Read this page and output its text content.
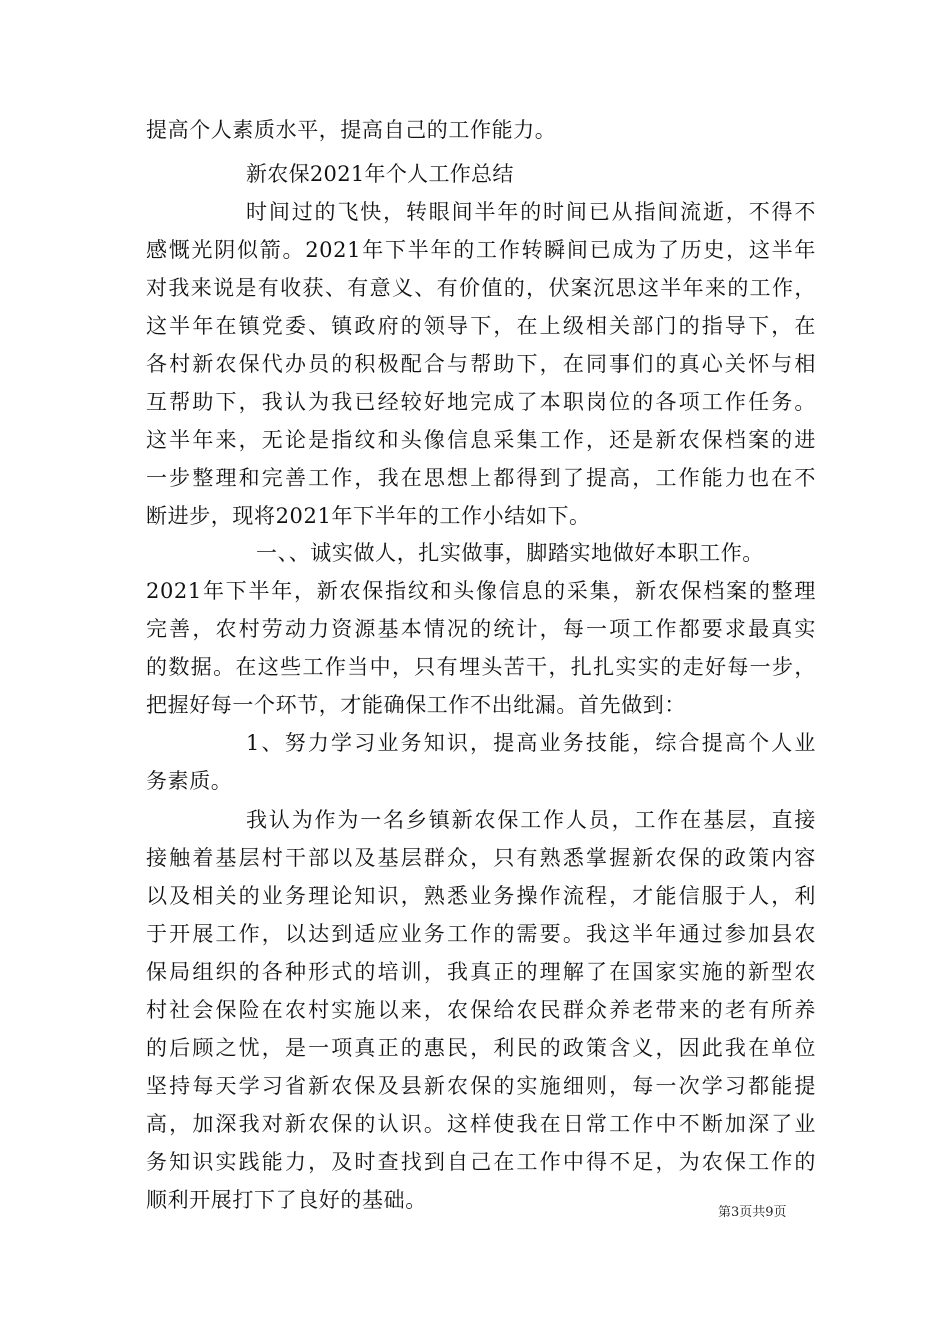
提高个人素质水平，提高自己的工作能力。
新农保2021年个人工作总结
时间过的飞快，转眼间半年的时间已从指间流逝，不得不
感慨光阴似箭。2021年下半年的工作转瞬间已成为了历史，这半年
对我来说是有收获、有意义、有价值的，伏案沉思这半年来的工作，
这半年在镇党委、镇政府的领导下，在上级相关部门的指导下，在
各村新农保代办员的积极配合与帮助下，在同事们的真心关怀与相
互帮助下，我认为我已经较好地完成了本职岗位的各项工作任务。
这半年来，无论是指纹和头像信息采集工作，还是新农保档案的进
一步整理和完善工作，我在思想上都得到了提高，工作能力也在不
断进步，现将2021年下半年的工作小结如下。
一、、诚实做人，扎实做事，脚踏实地做好本职工作。
2021年下半年，新农保指纹和头像信息的采集，新农保档案的整理
完善，农村劳动力资源基本情况的统计，每一项工作都要求最真实
的数据。在这些工作当中，只有埋头苦干，扎扎实实的走好每一步，
把握好每一个环节，才能确保工作不出纰漏。首先做到：
1、努力学习业务知识，提高业务技能，综合提高个人业
务素质。
我认为作为一名乡镇新农保工作人员，工作在基层，直接
接触着基层村干部以及基层群众，只有熟悉掌握新农保的政策内容
以及相关的业务理论知识，熟悉业务操作流程，才能信服于人，利
于开展工作，以达到适应业务工作的需要。我这半年通过参加县农
保局组织的各种形式的培训，我真正的理解了在国家实施的新型农
村社会保险在农村实施以来，农保给农民群众养老带来的老有所养
的后顾之忧，是一项真正的惠民，利民的政策含义，因此我在单位
坚持每天学习省新农保及县新农保的实施细则，每一次学习都能提
高，加深我对新农保的认识。这样使我在日常工作中不断加深了业
务知识实践能力，及时查找到自己在工作中得不足，为农保工作的
顺利开展打下了良好的基础。
第3页共9页
